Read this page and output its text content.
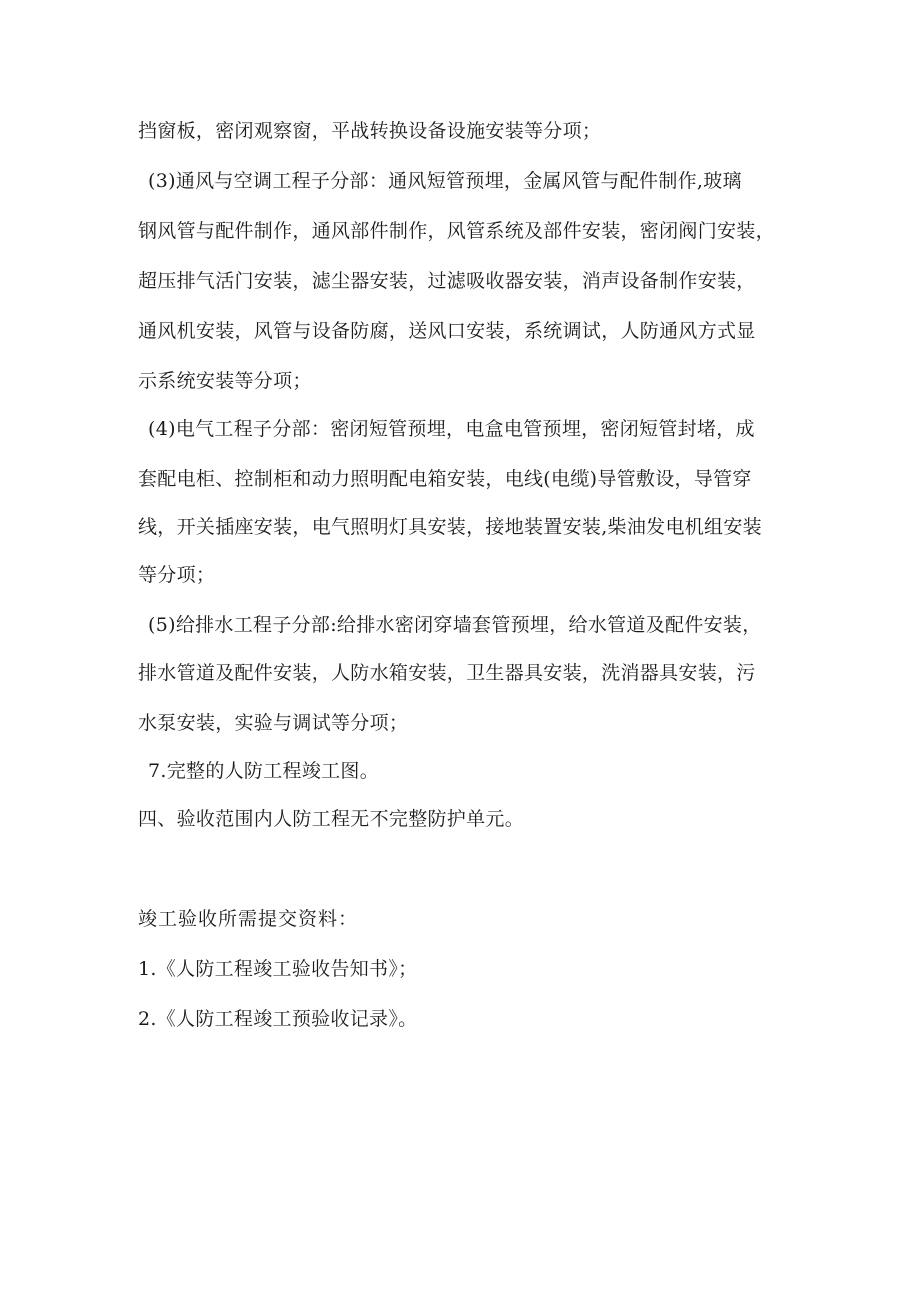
挡窗板，密闭观察窗，平战转换设备设施安装等分项；
(3)通风与空调工程子分部：通风短管预埋，金属风管与配件制作,玻璃
钢风管与配件制作，通风部件制作，风管系统及部件安装，密闭阀门安装，
超压排气活门安装，滤尘器安装，过滤吸收器安装，消声设备制作安装，
通风机安装，风管与设备防腐，送风口安装，系统调试，人防通风方式显
示系统安装等分项；
(4)电气工程子分部：密闭短管预埋，电盒电管预埋，密闭短管封堵，成
套配电柜、控制柜和动力照明配电箱安装，电线(电缆)导管敷设，导管穿
线，开关插座安装，电气照明灯具安装，接地装置安装,柴油发电机组安装
等分项；
(5)给排水工程子分部:给排水密闭穿墙套管预埋，给水管道及配件安装，
排水管道及配件安装，人防水箱安装，卫生器具安装，洗消器具安装，污
水泵安装，实验与调试等分项；
7.完整的人防工程竣工图。
四、验收范围内人防工程无不完整防护单元。
竣工验收所需提交资料：
1.《人防工程竣工验收告知书》；
2.《人防工程竣工预验收记录》。
